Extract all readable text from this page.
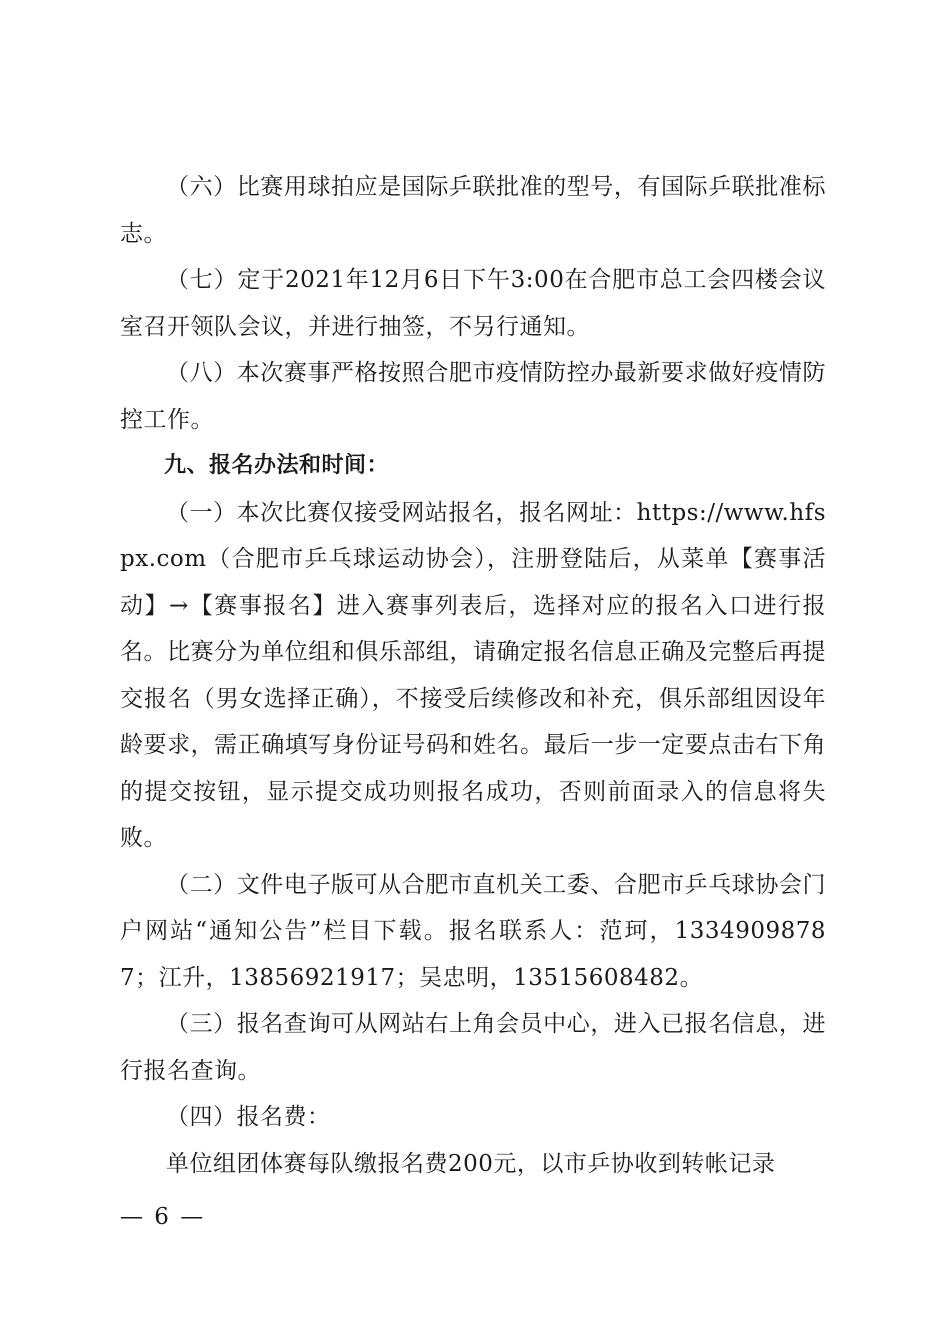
（六）比赛用球拍应是国际乒联批准的型号，有国际乒联批准标志。

（七）定于2021年12月6日下午3:00在合肥市总工会四楼会议室召开领队会议，并进行抽签，不另行通知。

（八）本次赛事严格按照合肥市疫情防控办最新要求做好疫情防控工作。

九、报名办法和时间：

（一）本次比赛仅接受网站报名，报名网址：https://www.hfspx.com（合肥市乒乓球运动协会），注册登陆后，从菜单【赛事活动】→【赛事报名】进入赛事列表后，选择对应的报名入口进行报名。比赛分为单位组和俱乐部组，请确定报名信息正确及完整后再提交报名（男女选择正确），不接受后续修改和补充，俱乐部组因设年龄要求，需正确填写身份证号码和姓名。最后一步一定要点击右下角的提交按钮，显示提交成功则报名成功，否则前面录入的信息将失败。

（二）文件电子版可从合肥市直机关工委、合肥市乒乓球协会门户网站“通知公告”栏目下载。报名联系人：范珂，13349098787；江升，13856921917；吴忠明，13515608482。

（三）报名查询可从网站右上角会员中心，进入已报名信息，进行报名查询。

（四）报名费：

单位组团体赛每队缴报名费200元，以市乒协收到转帐记录

— 6 —
